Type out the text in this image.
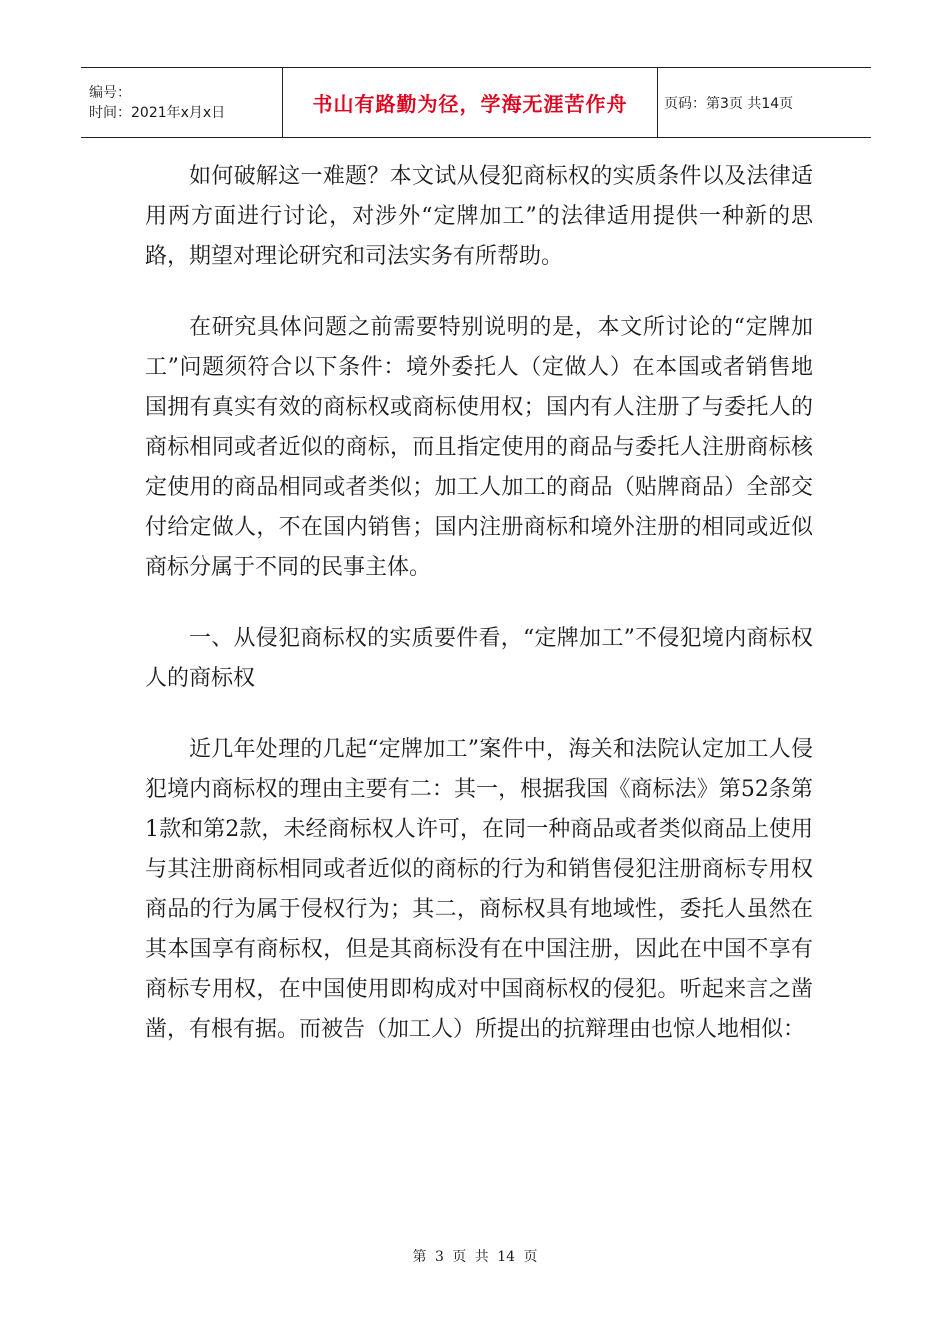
编号：
时间：2021年x月x日	书山有路勤为径，学海无涯苦作舟	页码：第3页 共14页

如何破解这一难题？本文试从侵犯商标权的实质条件以及法律适用两方面进行讨论，对涉外“定牌加工”的法律适用提供一种新的思路，期望对理论研究和司法实务有所帮助。

在研究具体问题之前需要特别说明的是，本文所讨论的“定牌加工”问题须符合以下条件：境外委托人（定做人）在本国或者销售地国拥有真实有效的商标权或商标使用权；国内有人注册了与委托人的商标相同或者近似的商标，而且指定使用的商品与委托人注册商标核定使用的商品相同或者类似；加工人加工的商品（贴牌商品）全部交付给定做人，不在国内销售；国内注册商标和境外注册的相同或近似商标分属于不同的民事主体。

一、从侵犯商标权的实质要件看，“定牌加工”不侵犯境内商标权人的商标权

近几年处理的几起“定牌加工”案件中，海关和法院认定加工人侵犯境内商标权的理由主要有二：其一，根据我国《商标法》第52条第1款和第2款，未经商标权人许可，在同一种商品或者类似商品上使用与其注册商标相同或者近似的商标的行为和销售侵犯注册商标专用权商品的行为属于侵权行为；其二，商标权具有地域性，委托人虽然在其本国享有商标权，但是其商标没有在中国注册，因此在中国不享有商标专用权，在中国使用即构成对中国商标权的侵犯。听起来言之凿凿，有根有据。而被告（加工人）所提出的抗辩理由也惊人地相似：

第 3 页 共 14 页
